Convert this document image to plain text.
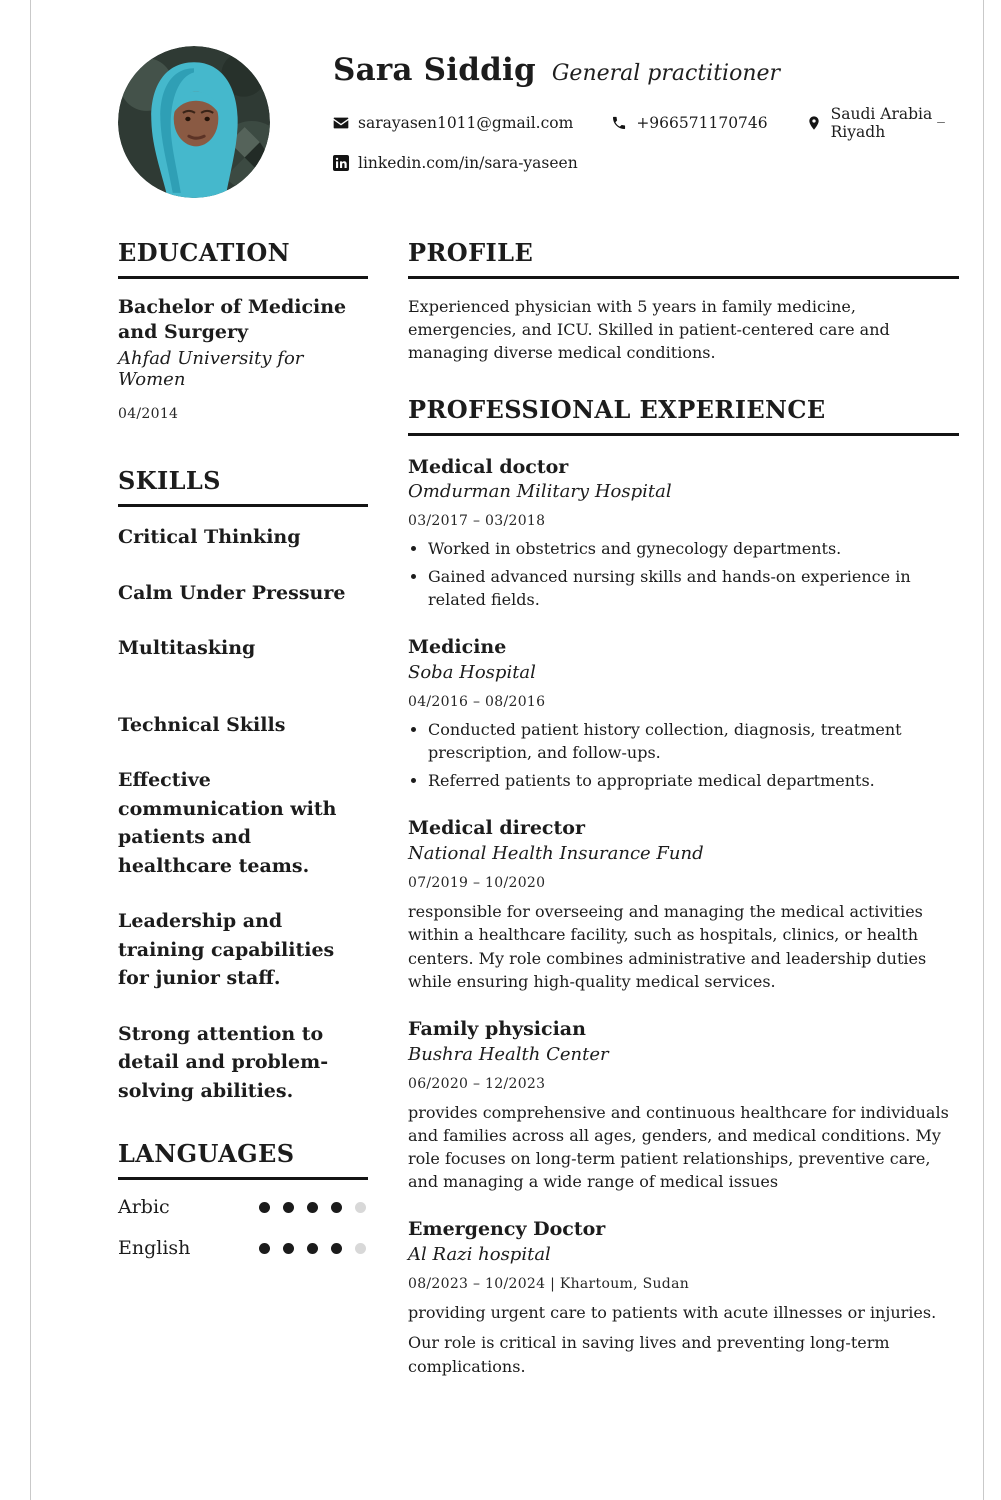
Sara Siddig General practitioner
sarayasen1011@gmail.com	+966571170746	Saudi Arabia _ Riyadh
linkedin.com/in/sara-yaseen
EDUCATION
Bachelor of Medicine and Surgery
Ahfad University for Women
04/2014
SKILLS
Critical Thinking
Calm Under Pressure
Multitasking
Technical Skills
Effective communication with patients and healthcare teams.
Leadership and training capabilities for junior staff.
Strong attention to detail and problem-solving abilities.
LANGUAGES
Arbic
English
PROFILE

Experienced physician with 5 years in family medicine, emergencies, and ICU. Skilled in patient-centered care and managing diverse medical conditions.

PROFESSIONAL EXPERIENCE
Medical doctor
Omdurman Military Hospital
03/2017 – 03/2018
• Worked in obstetrics and gynecology departments.
• Gained advanced nursing skills and hands-on experience in related fields.
Medicine
Soba Hospital
04/2016 – 08/2016
• Conducted patient history collection, diagnosis, treatment prescription, and follow-ups.
• Referred patients to appropriate medical departments.
Medical director
National Health Insurance Fund
07/2019 – 10/2020

responsible for overseeing and managing the medical activities within a healthcare facility, such as hospitals, clinics, or health centers. My role combines administrative and leadership duties while ensuring high-quality medical services.

Family physician
Bushra Health Center
06/2020 – 12/2023

provides comprehensive and continuous healthcare for individuals and families across all ages, genders, and medical conditions. My role focuses on long-term patient relationships, preventive care, and managing a wide range of medical issues

Emergency Doctor
Al Razi hospital
08/2023 – 10/2024 | Khartoum, Sudan

providing urgent care to patients with acute illnesses or injuries.

Our role is critical in saving lives and preventing long-term complications.
